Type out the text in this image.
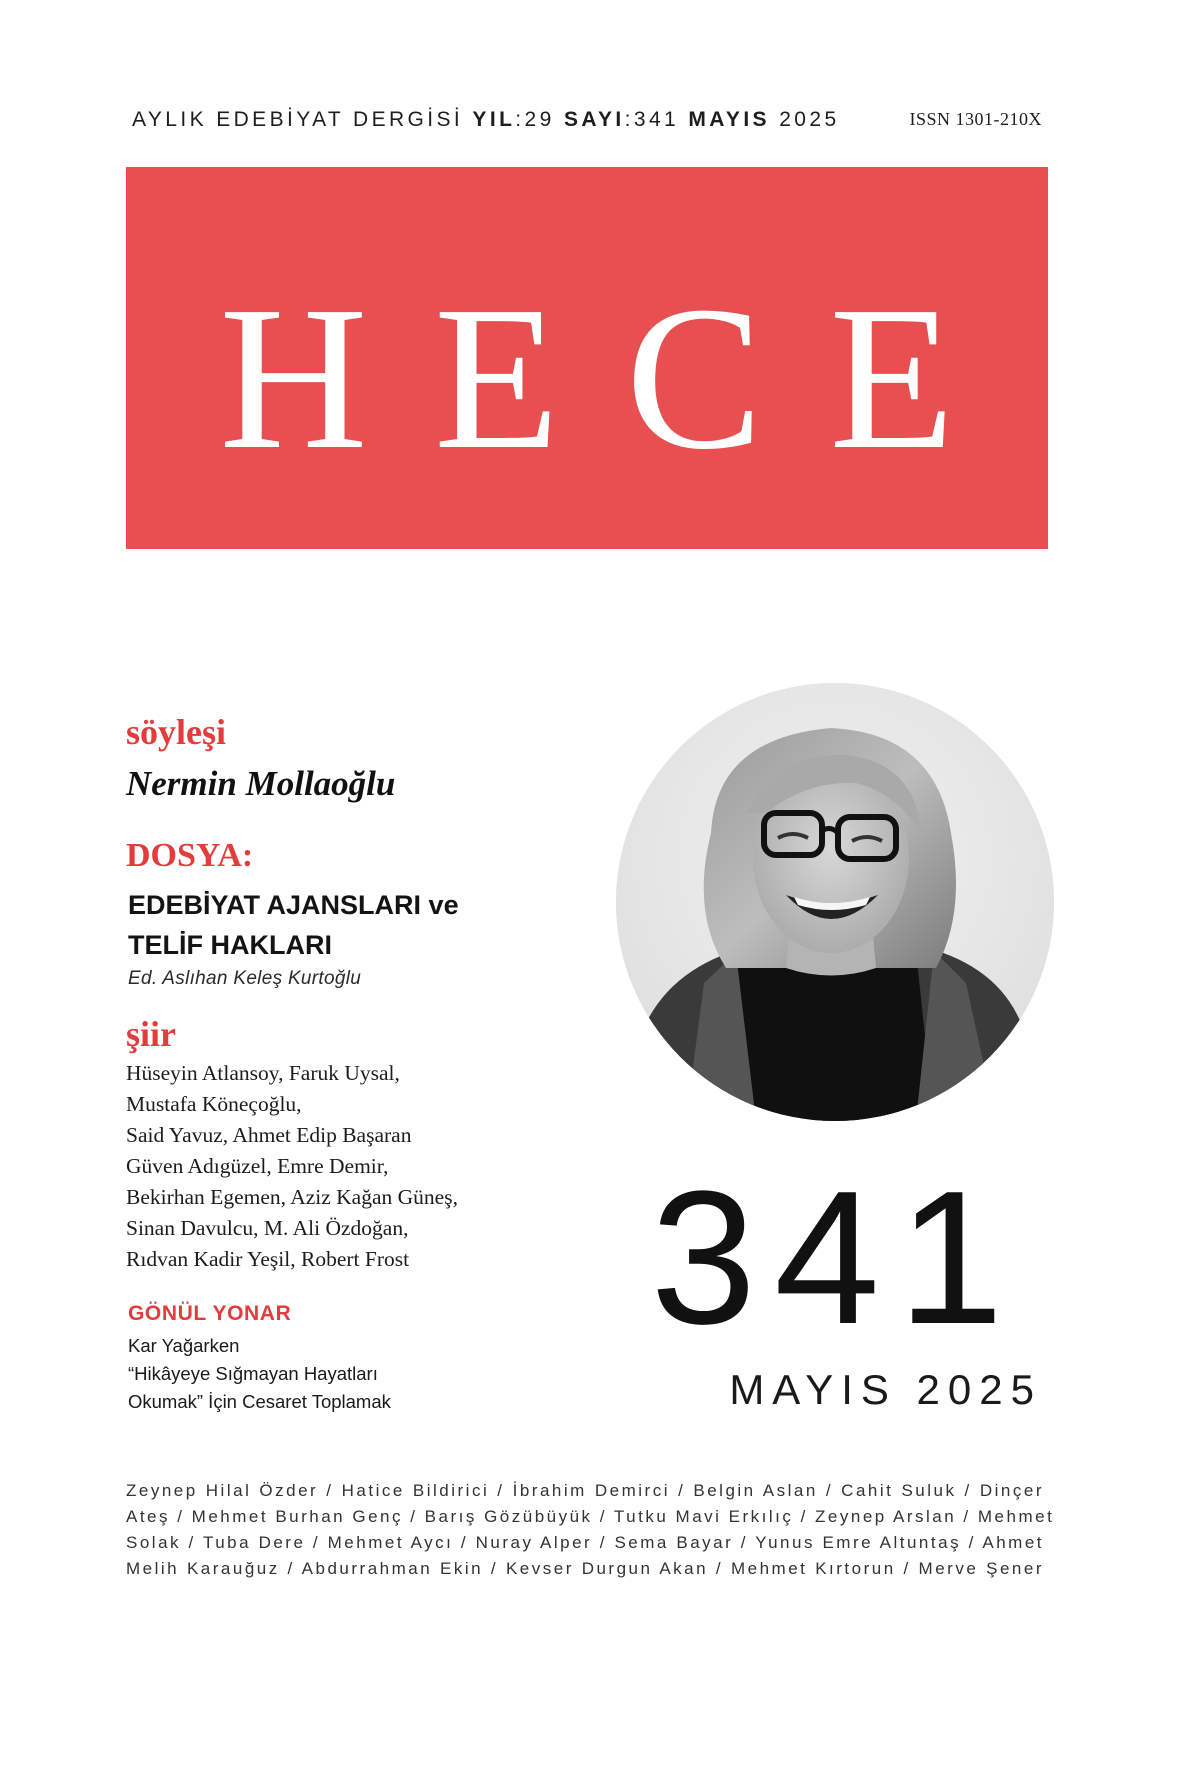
AYLIK EDEBİYAT DERGİSİ YIL:29 SAYI:341 MAYIS 2025	ISSN 1301-210X
HECE
söyleşi
Nermin Mollaoğlu
DOSYA:
EDEBİYAT AJANSLARI ve
TELİF HAKLARI
Ed. Aslıhan Keleş Kurtoğlu
şiir
Hüseyin Atlansoy, Faruk Uysal,
Mustafa Köneçoğlu,
Said Yavuz, Ahmet Edip Başaran
Güven Adıgüzel, Emre Demir,
Bekirhan Egemen, Aziz Kağan Güneş,
Sinan Davulcu, M. Ali Özdoğan,
Rıdvan Kadir Yeşil, Robert Frost
GÖNÜL YONAR
Kar Yağarken
“Hikâyeye Sığmayan Hayatları
Okumak” İçin Cesaret Toplamak
341
MAYIS 2025
Zeynep Hilal Özder / Hatice Bildirici / İbrahim Demirci / Belgin Aslan / Cahit Suluk / Dinçer
Ateş / Mehmet Burhan Genç / Barış Gözübüyük / Tutku Mavi Erkılıç / Zeynep Arslan / Mehmet
Solak / Tuba Dere / Mehmet Aycı / Nuray Alper / Sema Bayar / Yunus Emre Altuntaş / Ahmet
Melih Karauğuz / Abdurrahman Ekin / Kevser Durgun Akan / Mehmet Kırtorun / Merve Şener
